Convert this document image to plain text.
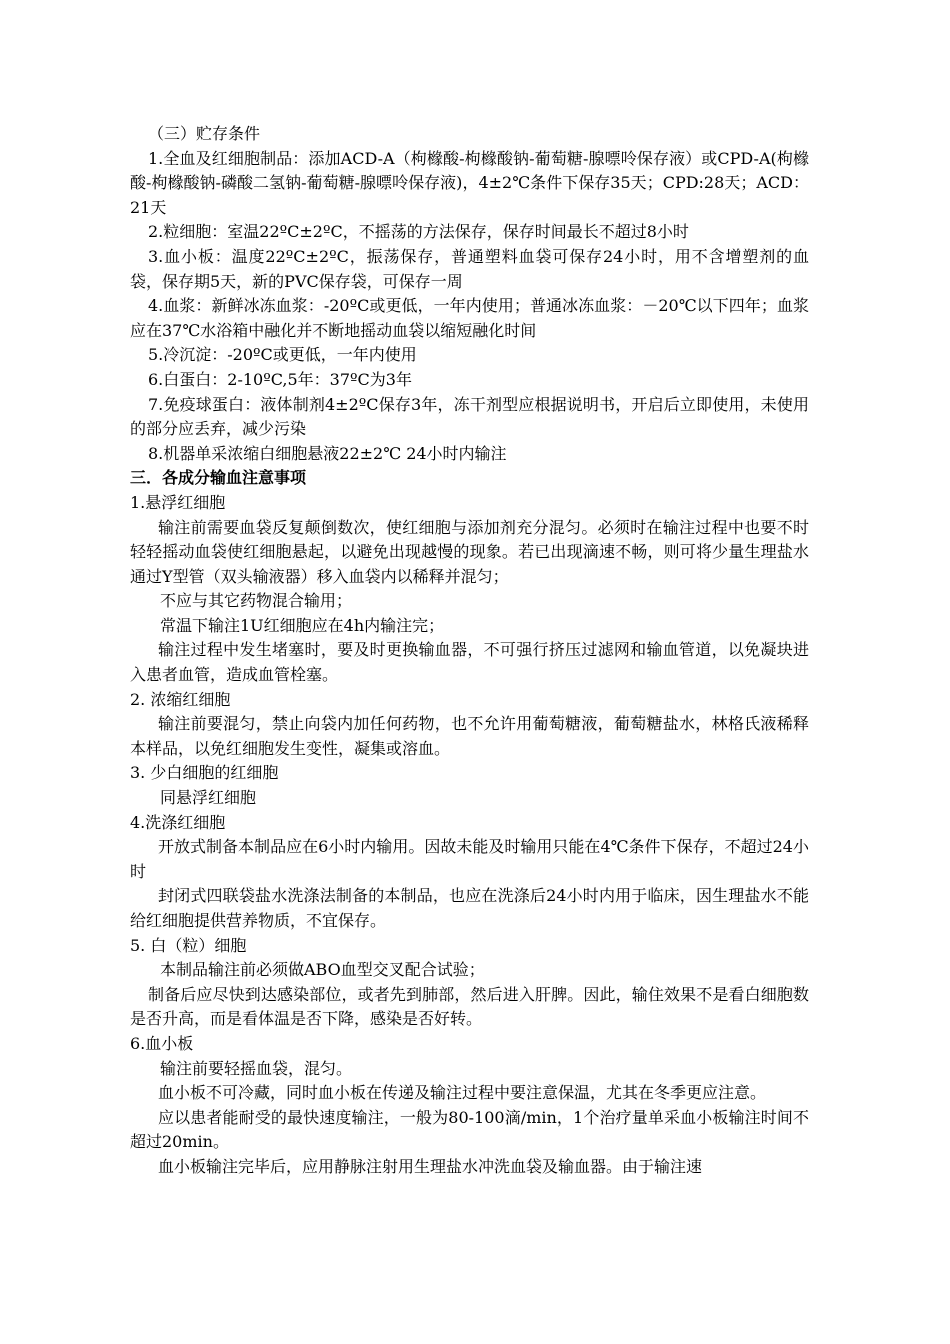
（三）贮存条件

1.全血及红细胞制品：添加ACD-A（枸橼酸-枸橼酸钠-葡萄糖-腺嘌呤保存液）或CPD-A(枸橼酸-枸橼酸钠-磷酸二氢钠-葡萄糖-腺嘌呤保存液)，4±2℃条件下保存35天；CPD:28天；ACD：21天

2.粒细胞：室温22ºC±2ºC，不摇荡的方法保存，保存时间最长不超过8小时

3.血小板：温度22ºC±2ºC，振荡保存，普通塑料血袋可保存24小时，用不含增塑剂的血袋，保存期5天，新的PVC保存袋，可保存一周

4.血浆：新鲜冰冻血浆：-20ºC或更低，一年内使用；普通冰冻血浆：－20℃以下四年；血浆应在37℃水浴箱中融化并不断地摇动血袋以缩短融化时间

5.冷沉淀：-20ºC或更低，一年内使用

6.白蛋白：2-10ºC,5年：37ºC为3年

7.免疫球蛋白：液体制剂4±2ºC保存3年，冻干剂型应根据说明书，开启后立即使用，未使用的部分应丢弃，减少污染

8.机器单采浓缩白细胞悬液22±2℃ 24小时内输注

三．各成分输血注意事项

1.悬浮红细胞

输注前需要血袋反复颠倒数次，使红细胞与添加剂充分混匀。必须时在输注过程中也要不时轻轻摇动血袋使红细胞悬起，以避免出现越慢的现象。若已出现滴速不畅，则可将少量生理盐水通过Y型管（双头输液器）移入血袋内以稀释并混匀；

不应与其它药物混合输用；

常温下输注1U红细胞应在4h内输注完；

输注过程中发生堵塞时，要及时更换输血器，不可强行挤压过滤网和输血管道，以免凝块进入患者血管，造成血管栓塞。

2. 浓缩红细胞

输注前要混匀，禁止向袋内加任何药物，也不允许用葡萄糖液，葡萄糖盐水，林格氏液稀释本样品，以免红细胞发生变性，凝集或溶血。

3. 少白细胞的红细胞

同悬浮红细胞

4.洗涤红细胞

开放式制备本制品应在6小时内输用。因故未能及时输用只能在4℃条件下保存，不超过24小时

封闭式四联袋盐水洗涤法制备的本制品，也应在洗涤后24小时内用于临床，因生理盐水不能给红细胞提供营养物质，不宜保存。

5. 白（粒）细胞

本制品输注前必须做ABO血型交叉配合试验；

制备后应尽快到达感染部位，或者先到肺部，然后进入肝脾。因此，输住效果不是看白细胞数是否升高，而是看体温是否下降，感染是否好转。

6.血小板

输注前要轻摇血袋，混匀。

血小板不可冷藏，同时血小板在传递及输注过程中要注意保温，尤其在冬季更应注意。

应以患者能耐受的最快速度输注，一般为80-100滴/min，1个治疗量单采血小板输注时间不超过20min。

血小板输注完毕后，应用静脉注射用生理盐水冲洗血袋及输血器。由于输注速
